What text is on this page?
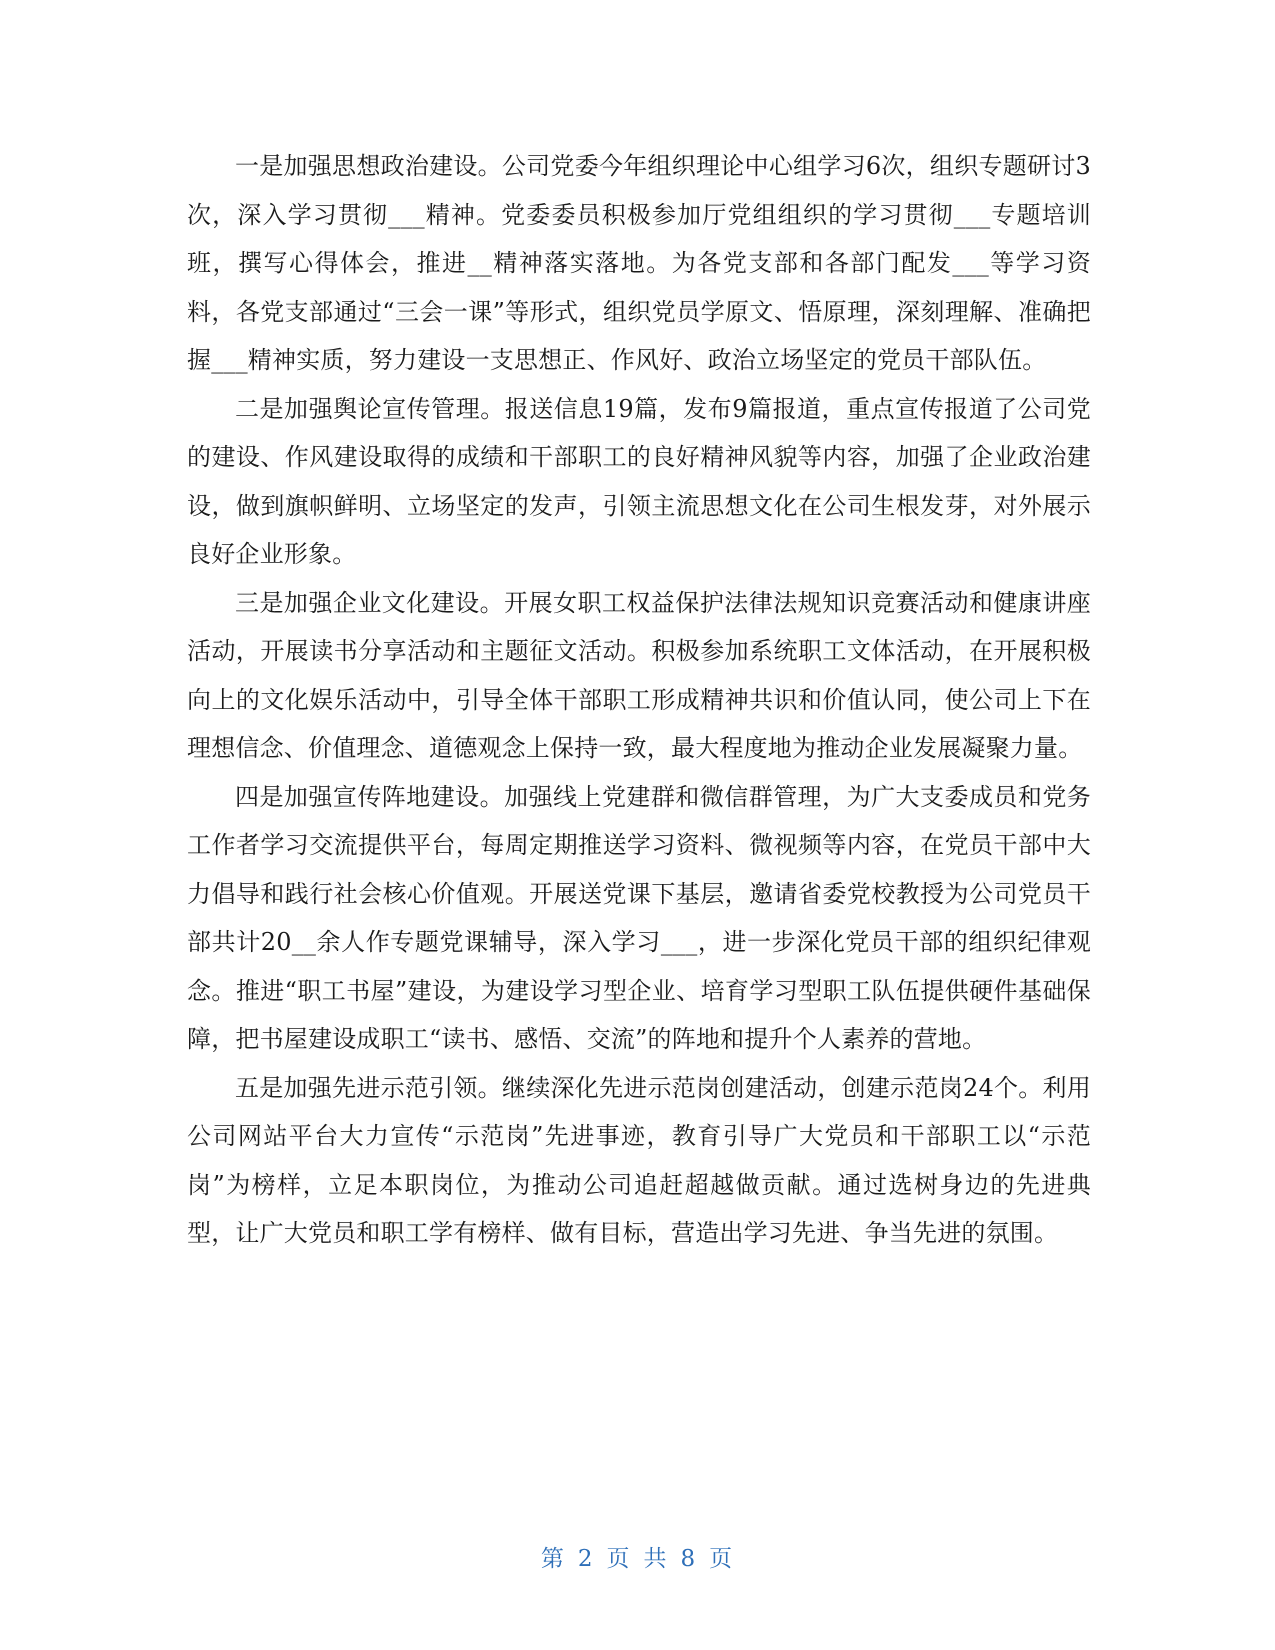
一是加强思想政治建设。公司党委今年组织理论中心组学习6次，组织专题研讨3次，深入学习贯彻___精神。党委委员积极参加厅党组组织的学习贯彻___专题培训班，撰写心得体会，推进__精神落实落地。为各党支部和各部门配发___等学习资料，各党支部通过“三会一课”等形式，组织党员学原文、悟原理，深刻理解、准确把握___精神实质，努力建设一支思想正、作风好、政治立场坚定的党员干部队伍。

二是加强舆论宣传管理。报送信息19篇，发布9篇报道，重点宣传报道了公司党的建设、作风建设取得的成绩和干部职工的良好精神风貌等内容，加强了企业政治建设，做到旗帜鲜明、立场坚定的发声，引领主流思想文化在公司生根发芽，对外展示良好企业形象。

三是加强企业文化建设。开展女职工权益保护法律法规知识竞赛活动和健康讲座活动，开展读书分享活动和主题征文活动。积极参加系统职工文体活动，在开展积极向上的文化娱乐活动中，引导全体干部职工形成精神共识和价值认同，使公司上下在理想信念、价值理念、道德观念上保持一致，最大程度地为推动企业发展凝聚力量。

四是加强宣传阵地建设。加强线上党建群和微信群管理，为广大支委成员和党务工作者学习交流提供平台，每周定期推送学习资料、微视频等内容，在党员干部中大力倡导和践行社会核心价值观。开展送党课下基层，邀请省委党校教授为公司党员干部共计20__余人作专题党课辅导，深入学习___，进一步深化党员干部的组织纪律观念。推进“职工书屋”建设，为建设学习型企业、培育学习型职工队伍提供硬件基础保障，把书屋建设成职工“读书、感悟、交流”的阵地和提升个人素养的营地。

五是加强先进示范引领。继续深化先进示范岗创建活动，创建示范岗24个。利用公司网站平台大力宣传“示范岗”先进事迹，教育引导广大党员和干部职工以“示范岗”为榜样，立足本职岗位，为推动公司追赶超越做贡献。通过选树身边的先进典型，让广大党员和职工学有榜样、做有目标，营造出学习先进、争当先进的氛围。

第 2 页 共 8 页
